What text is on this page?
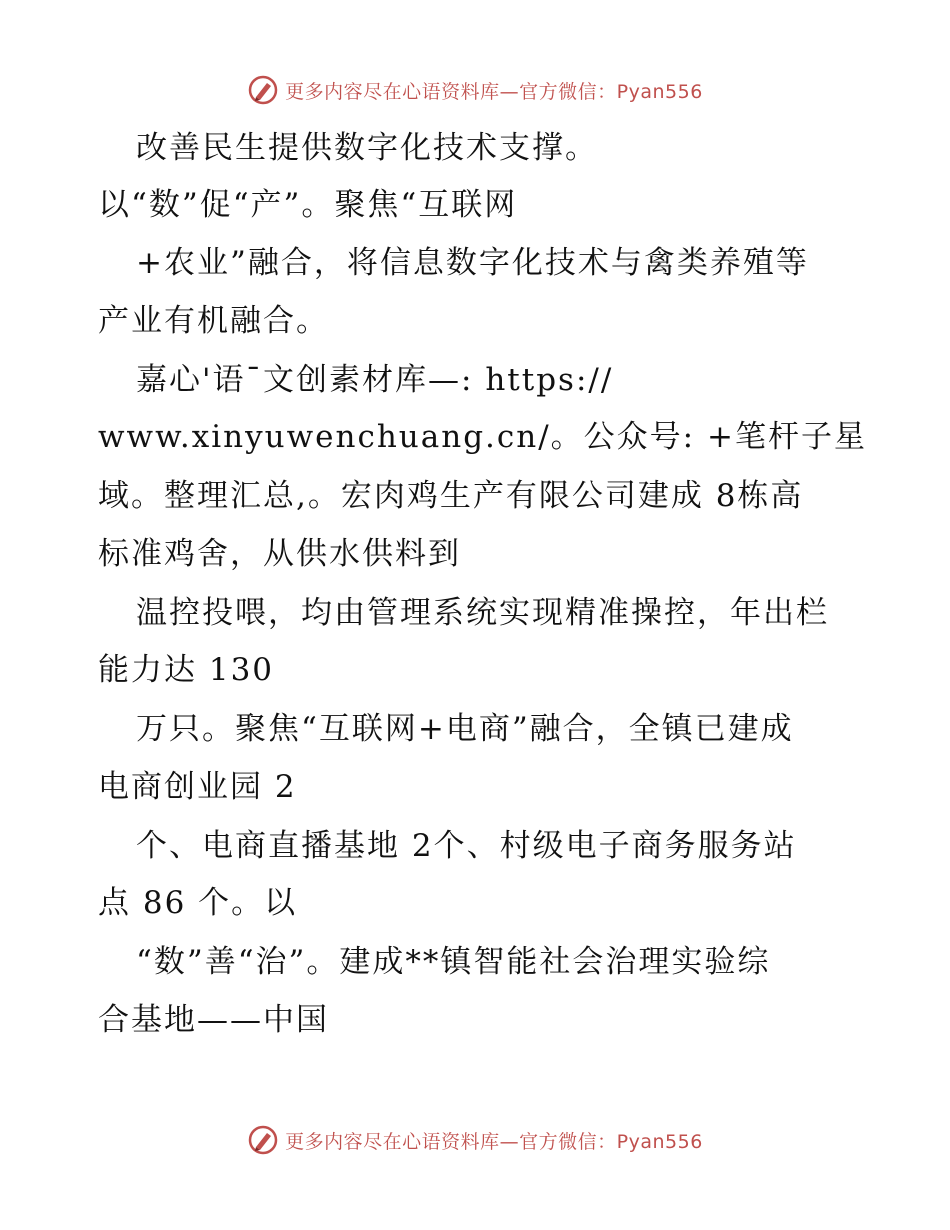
更多内容尽在心语资料库—官方微信：Pyan556
改善民生提供数字化技术支撑。
以“数”促“产”。聚焦“互联网
+农业”融合，将信息数字化技术与禽类养殖等
产业有机融合。
嘉心'语¯文创素材库—: https://
www.xinyuwenchuang.cn/。公众号: +笔杆子星
域。整理汇总,。宏肉鸡生产有限公司建成 8栋高
标准鸡舍，从供水供料到
温控投喂，均由管理系统实现精准操控，年出栏
能力达 130
万只。聚焦“互联网+电商”融合，全镇已建成
电商创业园 2
个、电商直播基地 2个、村级电子商务服务站
点 86 个。以
“数”善“治”。建成**镇智能社会治理实验综
合基地——中国
更多内容尽在心语资料库—官方微信：Pyan556
